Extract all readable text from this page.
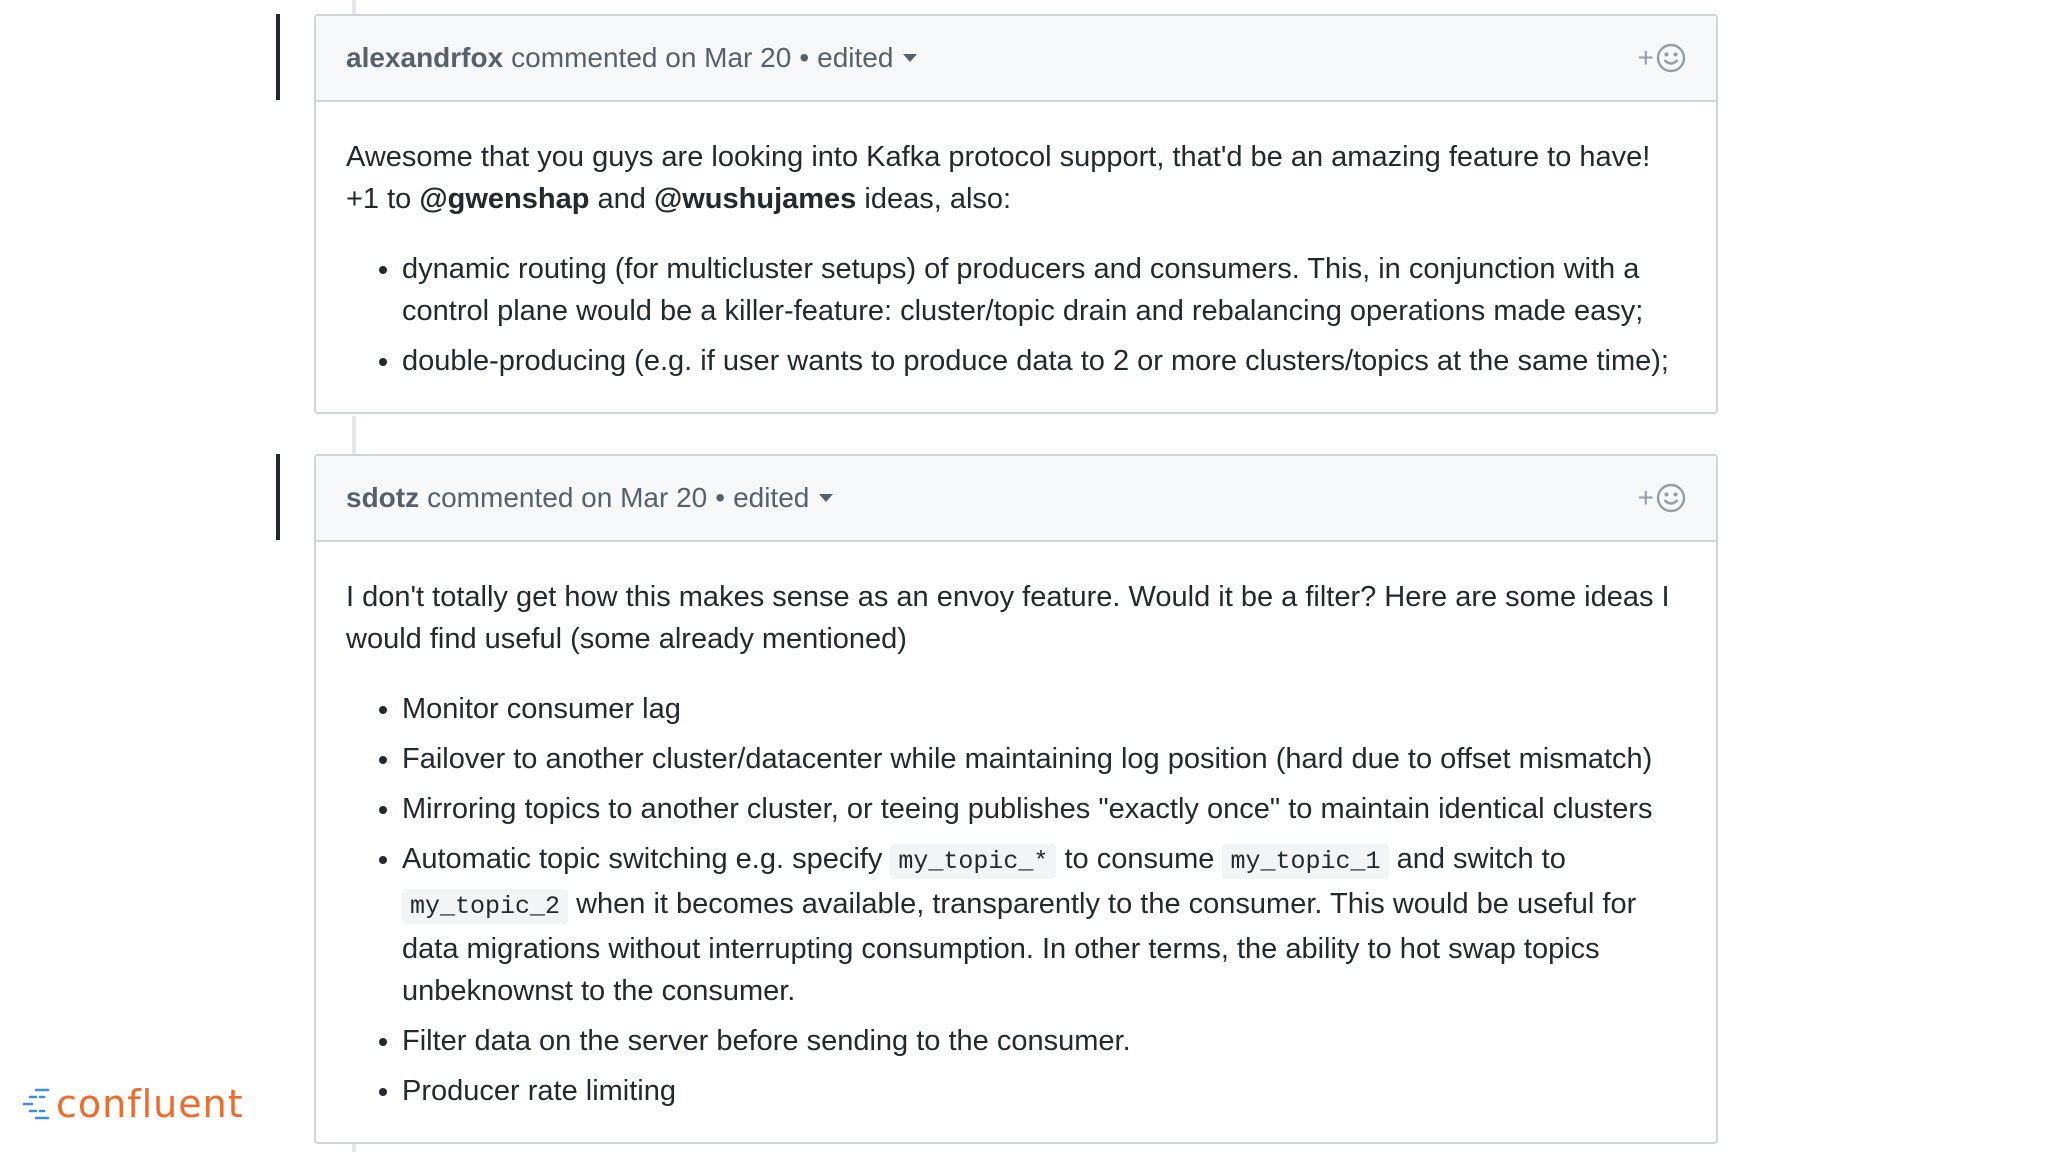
alexandrfox commented on Mar 20 • edited	+

Awesome that you guys are looking into Kafka protocol support, that'd be an amazing feature to have!
+1 to @gwenshap and @wushujames ideas, also:

• dynamic routing (for multicluster setups) of producers and consumers. This, in conjunction with a control plane would be a killer-feature: cluster/topic drain and rebalancing operations made easy;
• double-producing (e.g. if user wants to produce data to 2 or more clusters/topics at the same time);
sdotz commented on Mar 20 • edited	+

I don't totally get how this makes sense as an envoy feature. Would it be a filter? Here are some ideas I would find useful (some already mentioned)

• Monitor consumer lag
• Failover to another cluster/datacenter while maintaining log position (hard due to offset mismatch)
• Mirroring topics to another cluster, or teeing publishes "exactly once" to maintain identical clusters
• Automatic topic switching e.g. specify my_topic_* to consume my_topic_1 and switch to my_topic_2 when it becomes available, transparently to the consumer. This would be useful for data migrations without interrupting consumption. In other terms, the ability to hot swap topics unbeknownst to the consumer.
• Filter data on the server before sending to the consumer.
• Producer rate limiting
confluent
